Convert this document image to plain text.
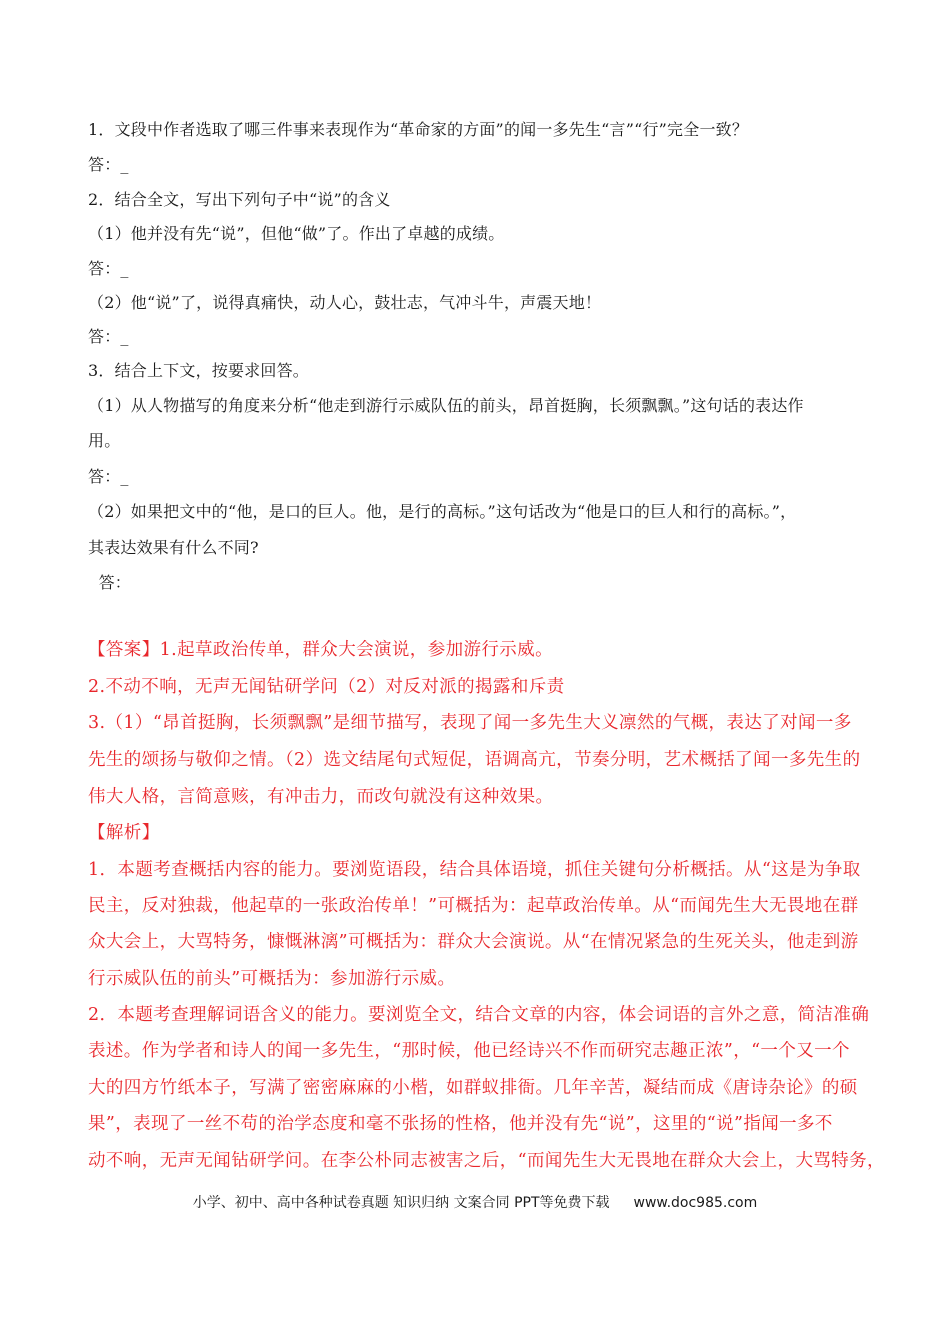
1．文段中作者选取了哪三件事来表现作为“革命家的方面”的闻一多先生“言”“行”完全一致？
答：_
2．结合全文，写出下列句子中“说”的含义
（1）他并没有先“说”，但他“做”了。作出了卓越的成绩。
答：_
（2）他“说”了，说得真痛快，动人心，鼓壮志，气冲斗牛，声震天地！
答：_
3．结合上下文，按要求回答。
（1）从人物描写的角度来分析“他走到游行示威队伍的前头，昂首挺胸，长须飘飘。”这句话的表达作
用。
答：_
（2）如果把文中的“他，是口的巨人。他，是行的高标。”这句话改为“他是口的巨人和行的高标。”，
其表达效果有什么不同?
答：
【答案】1.起草政治传单，群众大会演说，参加游行示威。
2.不动不响，无声无闻钻研学问（2）对反对派的揭露和斥责
3.（1）“昂首挺胸，长须飘飘”是细节描写，表现了闻一多先生大义凛然的气概，表达了对闻一多
先生的颂扬与敬仰之情。（2）选文结尾句式短促，语调高亢，节奏分明，艺术概括了闻一多先生的
伟大人格，言简意赅，有冲击力，而改句就没有这种效果。
【解析】
1．本题考查概括内容的能力。要浏览语段，结合具体语境，抓住关键句分析概括。从“这是为争取
民主，反对独裁，他起草的一张政治传单！”可概括为：起草政治传单。从“而闻先生大无畏地在群
众大会上，大骂特务，慷慨淋漓”可概括为：群众大会演说。从“在情况紧急的生死关头，他走到游
行示威队伍的前头”可概括为：参加游行示威。
2．本题考查理解词语含义的能力。要浏览全文，结合文章的内容，体会词语的言外之意，简洁准确
表述。作为学者和诗人的闻一多先生，“那时候，他已经诗兴不作而研究志趣正浓”，“一个又一个
大的四方竹纸本子，写满了密密麻麻的小楷，如群蚁排衙。几年辛苦，凝结而成《唐诗杂论》的硕
果”，表现了一丝不苟的治学态度和毫不张扬的性格，他并没有先“说”，这里的“说”指闻一多不
动不响，无声无闻钻研学问。在李公朴同志被害之后，“而闻先生大无畏地在群众大会上，大骂特务，
小学、初中、高中各种试卷真题 知识归纳 文案合同 PPT等免费下载 www.doc985.com
